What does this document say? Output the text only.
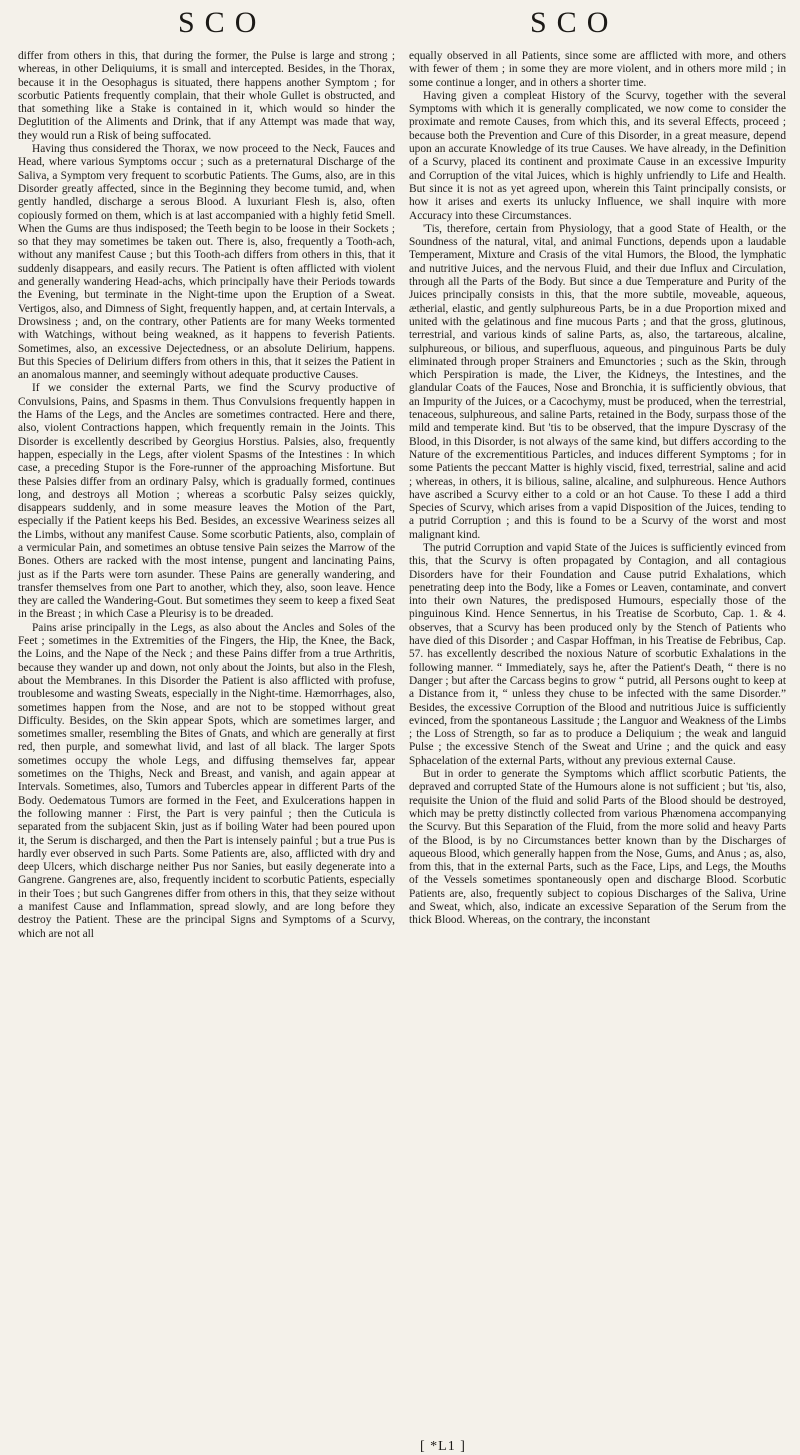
SCO	SCO

differ from others in this, that during the former, the Pulse is large and strong ; whereas, in other Deliquiums, it is small and intercepted. Besides, in the Thorax, because it in the Oesophagus is situated, there happens another Symptom ; for scorbutic Patients frequently complain, that their whole Gullet is obstructed, and that something like a Stake is contained in it, which would so hinder the Deglutition of the Aliments and Drink, that if any Attempt was made that way, they would run a Risk of being suffocated.

Having thus considered the Thorax, we now proceed to the Neck, Fauces and Head, where various Symptoms occur ; such as a preternatural Discharge of the Saliva, a Symptom very frequent to scorbutic Patients. The Gums, also, are in this Disorder greatly affected, since in the Beginning they become tumid, and, when gently handled, discharge a serous Blood. A luxuriant Flesh is, also, often copiously formed on them, which is at last accompanied with a highly fetid Smell. When the Gums are thus indisposed; the Teeth begin to be loose in their Sockets ; so that they may sometimes be taken out. There is, also, frequently a Tooth-ach, without any manifest Cause ; but this Tooth-ach differs from others in this, that it suddenly disappears, and easily recurs. The Patient is often afflicted with violent and generally wandering Head-achs, which principally have their Periods towards the Evening, but terminate in the Night-time upon the Eruption of a Sweat. Vertigos, also, and Dimness of Sight, frequently happen, and, at certain Intervals, a Drowsiness ; and, on the contrary, other Patients are for many Weeks tormented with Watchings, without being weakned, as it happens to feverish Patients. Sometimes, also, an excessive Dejectedness, or an absolute Delirium, happens. But this Species of Delirium differs from others in this, that it seizes the Patient in an anomalous manner, and seemingly without adequate productive Causes.

If we consider the external Parts, we find the Scurvy productive of Convulsions, Pains, and Spasms in them. Thus Convulsions frequently happen in the Hams of the Legs, and the Ancles are sometimes contracted. Here and there, also, violent Contractions happen, which frequently remain in the Joints. This Disorder is excellently described by Georgius Horstius. Palsies, also, frequently happen, especially in the Legs, after violent Spasms of the Intestines : In which case, a preceding Stupor is the Fore-runner of the approaching Misfortune. But these Palsies differ from an ordinary Palsy, which is gradually formed, continues long, and destroys all Motion ; whereas a scorbutic Palsy seizes quickly, disappears suddenly, and in some measure leaves the Motion of the Part, especially if the Patient keeps his Bed. Besides, an excessive Weariness seizes all the Limbs, without any manifest Cause. Some scorbutic Patients, also, complain of a vermicular Pain, and sometimes an obtuse tensive Pain seizes the Marrow of the Bones. Others are racked with the most intense, pungent and lancinating Pains, just as if the Parts were torn asunder. These Pains are generally wandering, and transfer themselves from one Part to another, which they, also, soon leave. Hence they are called the Wandering-Gout. But sometimes they seem to keep a fixed Seat in the Breast ; in which Case a Pleurisy is to be dreaded.

Pains arise principally in the Legs, as also about the Ancles and Soles of the Feet ; sometimes in the Extremities of the Fingers, the Hip, the Knee, the Back, the Loins, and the Nape of the Neck ; and these Pains differ from a true Arthritis, because they wander up and down, not only about the Joints, but also in the Flesh, about the Membranes. In this Disorder the Patient is also afflicted with profuse, troublesome and wasting Sweats, especially in the Night-time. Hæmorrhages, also, sometimes happen from the Nose, and are not to be stopped without great Difficulty. Besides, on the Skin appear Spots, which are sometimes larger, and sometimes smaller, resembling the Bites of Gnats, and which are generally at first red, then purple, and somewhat livid, and last of all black. The larger Spots sometimes occupy the whole Legs, and diffusing themselves far, appear sometimes on the Thighs, Neck and Breast, and vanish, and again appear at Intervals. Sometimes, also, Tumors and Tubercles appear in different Parts of the Body. Oedematous Tumors are formed in the Feet, and Exulcerations happen in the following manner : First, the Part is very painful ; then the Cuticula is separated from the subjacent Skin, just as if boiling Water had been poured upon it, the Serum is discharged, and then the Part is intensely painful ; but a true Pus is hardly ever observed in such Parts. Some Patients are, also, afflicted with dry and deep Ulcers, which discharge neither Pus nor Sanies, but easily degenerate into a Gangrene. Gangrenes are, also, frequently incident to scorbutic Patients, especially in their Toes ; but such Gangrenes differ from others in this, that they seize without a manifest Cause and Inflammation, spread slowly, and are long before they destroy the Patient. These are the principal Signs and Symptoms of a Scurvy, which are not all

equally observed in all Patients, since some are afflicted with more, and others with fewer of them ; in some they are more violent, and in others more mild ; in some continue a longer, and in others a shorter time.

Having given a compleat History of the Scurvy, together with the several Symptoms with which it is generally complicated, we now come to consider the proximate and remote Causes, from which this, and its several Effects, proceed ; because both the Prevention and Cure of this Disorder, in a great measure, depend upon an accurate Knowledge of its true Causes. We have already, in the Definition of a Scurvy, placed its continent and proximate Cause in an excessive Impurity and Corruption of the vital Juices, which is highly unfriendly to Life and Health. But since it is not as yet agreed upon, wherein this Taint principally consists, or how it arises and exerts its unlucky Influence, we shall inquire with more Accuracy into these Circumstances.

'Tis, therefore, certain from Physiology, that a good State of Health, or the Soundness of the natural, vital, and animal Functions, depends upon a laudable Temperament, Mixture and Crasis of the vital Humors, the Blood, the lymphatic and nutritive Juices, and the nervous Fluid, and their due Influx and Circulation, through all the Parts of the Body. But since a due Temperature and Purity of the Juices principally consists in this, that the more subtile, moveable, aqueous, ætherial, elastic, and gently sulphureous Parts, be in a due Proportion mixed and united with the gelatinous and fine mucous Parts ; and that the gross, glutinous, terrestrial, and various kinds of saline Parts, as, also, the tartareous, alcaline, sulphureous, or bilious, and superfluous, aqueous, and pinguinous Parts be duly eliminated through proper Strainers and Emunctories ; such as the Skin, through which Perspiration is made, the Liver, the Kidneys, the Intestines, and the glandular Coats of the Fauces, Nose and Bronchia, it is sufficiently obvious, that an Impurity of the Juices, or a Cacochymy, must be produced, when the terrestrial, tenaceous, sulphureous, and saline Parts, retained in the Body, surpass those of the mild and temperate kind. But 'tis to be observed, that the impure Dyscrasy of the Blood, in this Disorder, is not always of the same kind, but differs according to the Nature of the excrementitious Particles, and induces different Symptoms ; for in some Patients the peccant Matter is highly viscid, fixed, terrestrial, saline and acid ; whereas, in others, it is bilious, saline, alcaline, and sulphureous. Hence Authors have ascribed a Scurvy either to a cold or an hot Cause. To these I add a third Species of Scurvy, which arises from a vapid Disposition of the Juices, tending to a putrid Corruption ; and this is found to be a Scurvy of the worst and most malignant kind.

The putrid Corruption and vapid State of the Juices is sufficiently evinced from this, that the Scurvy is often propagated by Contagion, and all contagious Disorders have for their Foundation and Cause putrid Exhalations, which penetrating deep into the Body, like a Fomes or Leaven, contaminate, and convert into their own Natures, the predisposed Humours, especially those of the pinguinous Kind. Hence Sennertus, in his Treatise de Scorbuto, Cap. 1. & 4. observes, that a Scurvy has been produced only by the Stench of Patients who have died of this Disorder ; and Caspar Hoffman, in his Treatise de Febribus, Cap. 57. has excellently described the noxious Nature of scorbutic Exhalations in the following manner. “ Immediately, says he, after the Patient's Death, “ there is no Danger ; but after the Carcass begins to grow “ putrid, all Persons ought to keep at a Distance from it, “ unless they chuse to be infected with the same Disorder.” Besides, the excessive Corruption of the Blood and nutritious Juice is sufficiently evinced, from the spontaneous Lassitude ; the Languor and Weakness of the Limbs ; the Loss of Strength, so far as to produce a Deliquium ; the weak and languid Pulse ; the excessive Stench of the Sweat and Urine ; and the quick and easy Sphacelation of the external Parts, without any previous external Cause.

But in order to generate the Symptoms which afflict scorbutic Patients, the depraved and corrupted State of the Humours alone is not sufficient ; but 'tis, also, requisite the Union of the fluid and solid Parts of the Blood should be destroyed, which may be pretty distinctly collected from various Phænomena accompanying the Scurvy. But this Separation of the Fluid, from the more solid and heavy Parts of the Blood, is by no Circumstances better known than by the Discharges of aqueous Blood, which generally happen from the Nose, Gums, and Anus ; as, also, from this, that in the external Parts, such as the Face, Lips, and Legs, the Mouths of the Vessels sometimes spontaneously open and discharge Blood. Scorbutic Patients are, also, frequently subject to copious Discharges of the Saliva, Urine and Sweat, which, also, indicate an excessive Separation of the Serum from the thick Blood. Whereas, on the contrary, the inconstant

[ *L1 ]
